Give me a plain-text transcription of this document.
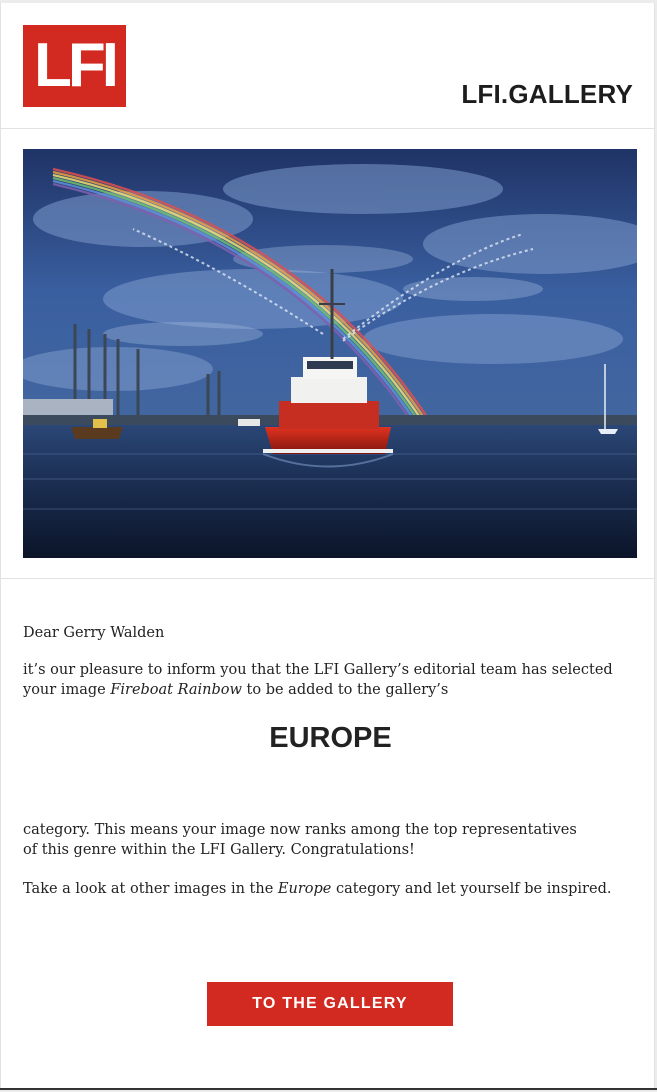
LFI	LFI.GALLERY

Dear Gerry Walden

it’s our pleasure to inform you that the LFI Gallery’s editorial team has selected your image Fireboat Rainbow to be added to the gallery’s

EUROPE

category. This means your image now ranks among the top representatives of this genre within the LFI Gallery. Congratulations!

Take a look at other images in the Europe category and let yourself be inspired.

TO THE GALLERY
